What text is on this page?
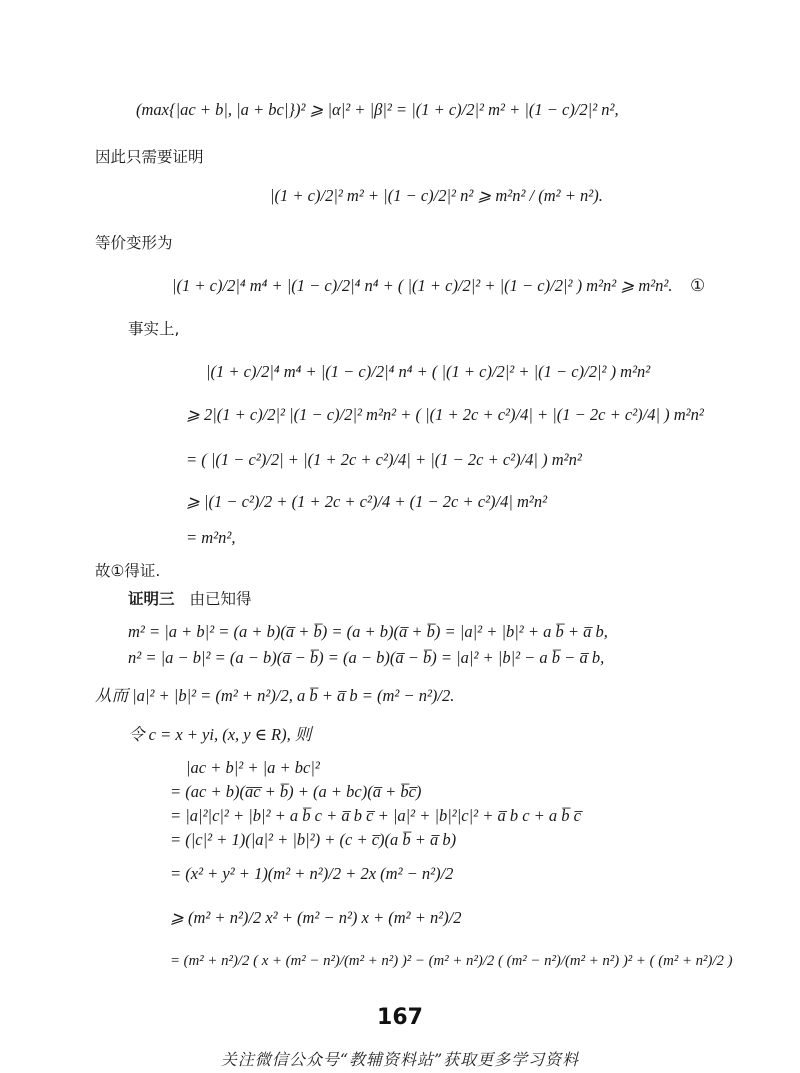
(max{|ac + b|, |a + bc|})² ⩾ |α|² + |β|² = |(1 + c)/2|² m² + |(1 − c)/2|² n²,
因此只需要证明
|(1 + c)/2|² m² + |(1 − c)/2|² n² ⩾ m²n² / (m² + n²).
等价变形为
|(1 + c)/2|⁴ m⁴ + |(1 − c)/2|⁴ n⁴ + ( |(1 + c)/2|² + |(1 − c)/2|² ) m²n² ⩾ m²n². ①
事实上,
|(1 + c)/2|⁴ m⁴ + |(1 − c)/2|⁴ n⁴ + ( |(1 + c)/2|² + |(1 − c)/2|² ) m²n²
⩾ 2|(1 + c)/2|² |(1 − c)/2|² m²n² + ( |(1 + 2c + c²)/4| + |(1 − 2c + c²)/4| ) m²n²
= ( |(1 − c²)/2| + |(1 + 2c + c²)/4| + |(1 − 2c + c²)/4| ) m²n²
⩾ |(1 − c²)/2 + (1 + 2c + c²)/4 + (1 − 2c + c²)/4| m²n²
= m²n²,
故①得证.
证明三 由已知得
m² = |a + b|² = (a + b)(a̅ + b̅) = (a + b)(a̅ + b̅) = |a|² + |b|² + a b̅ + a̅ b,
n² = |a − b|² = (a − b)(a̅ − b̅) = (a − b)(a̅ − b̅) = |a|² + |b|² − a b̅ − a̅ b,
从而 |a|² + |b|² = (m² + n²)/2, a b̅ + a̅ b = (m² − n²)/2.
令 c = x + yi, (x, y ∈ R), 则
|ac + b|² + |a + bc|²
= (ac + b)(a̅c̅ + b̅) + (a + bc)(a̅ + b̅c̅)
= |a|²|c|² + |b|² + a b̅ c + a̅ b c̅ + |a|² + |b|²|c|² + a̅ b c + a b̅ c̅
= (|c|² + 1)(|a|² + |b|²) + (c + c̅)(a b̅ + a̅ b)
= (x² + y² + 1)(m² + n²)/2 + 2x (m² − n²)/2
⩾ (m² + n²)/2 x² + (m² − n²) x + (m² + n²)/2
= (m² + n²)/2 ( x + (m² − n²)/(m² + n²) )² − (m² + n²)/2 ( (m² − n²)/(m² + n²) )² + ( (m² + n²)/2 )
167
关注微信公众号“教辅资料站”获取更多学习资料
